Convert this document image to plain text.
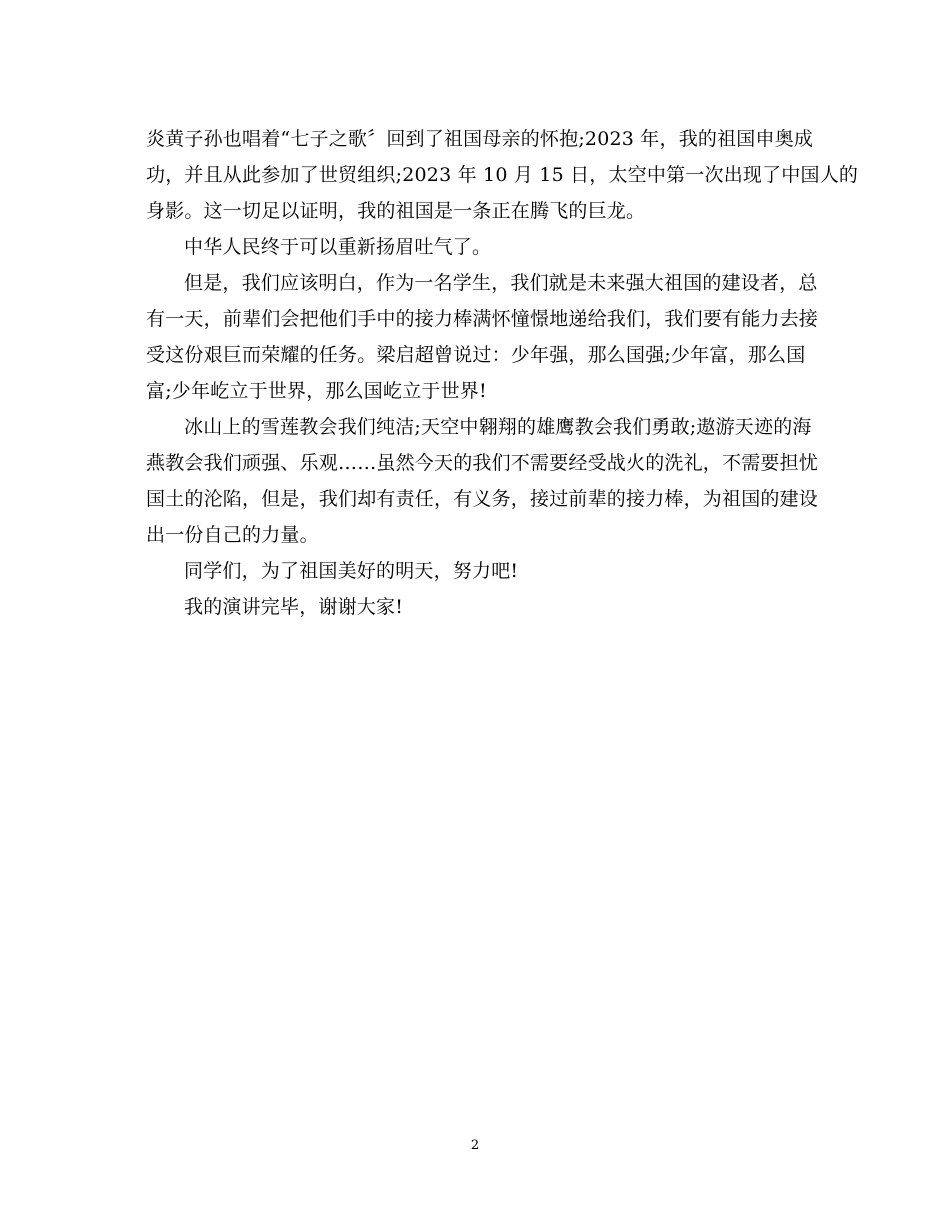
炎黄子孙也唱着“七子之歌〞回到了祖国母亲的怀抱;2023 年，我的祖国申奥成
功，并且从此参加了世贸组织;2023 年 10 月 15 日，太空中第一次出现了中国人的
身影。这一切足以证明，我的祖国是一条正在腾飞的巨龙。
中华人民终于可以重新扬眉吐气了。
但是，我们应该明白，作为一名学生，我们就是未来强大祖国的建设者，总
有一天，前辈们会把他们手中的接力棒满怀憧憬地递给我们，我们要有能力去接
受这份艰巨而荣耀的任务。梁启超曾说过：少年强，那么国强;少年富，那么国
富;少年屹立于世界，那么国屹立于世界!
冰山上的雪莲教会我们纯洁;天空中翱翔的雄鹰教会我们勇敢;遨游天迹的海
燕教会我们顽强、乐观……虽然今天的我们不需要经受战火的洗礼，不需要担忧
国土的沦陷，但是，我们却有责任，有义务，接过前辈的接力棒，为祖国的建设
出一份自己的力量。
同学们，为了祖国美好的明天，努力吧!
我的演讲完毕，谢谢大家!
2
